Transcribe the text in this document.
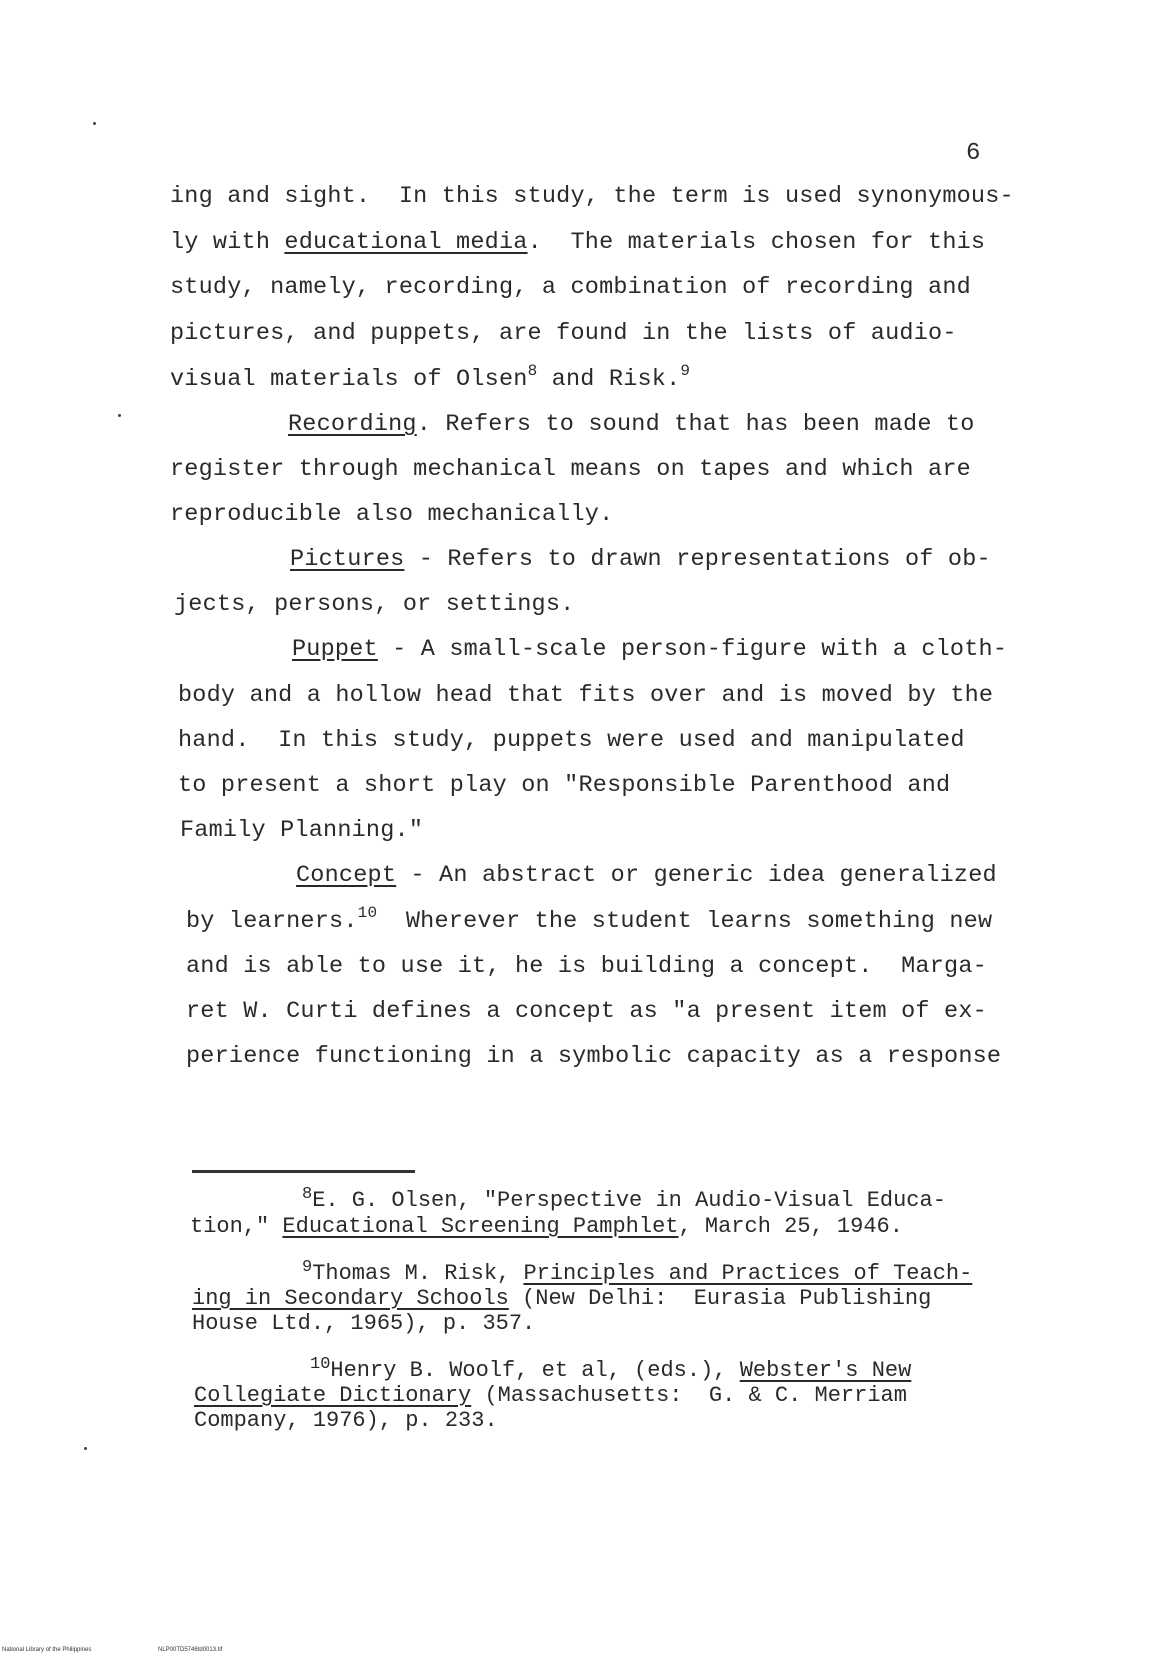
6
ing and sight.  In this study, the term is used synonymous-
ly with educational media.  The materials chosen for this
study, namely, recording, a combination of recording and
pictures, and puppets, are found in the lists of audio-
visual materials of Olsen$^8$ and Risk.$^9$
Recording. Refers to sound that has been made to
register through mechanical means on tapes and which are
reproducible also mechanically.
Pictures - Refers to drawn representations of ob-
jects, persons, or settings.
Puppet - A small-scale person-figure with a cloth-
body and a hollow head that fits over and is moved by the
hand.  In this study, puppets were used and manipulated
to present a short play on "Responsible Parenthood and
Family Planning."
Concept - An abstract or generic idea generalized
by learners.$^{10}$  Wherever the student learns something new
and is able to use it, he is building a concept.  Marga-
ret W. Curti defines a concept as "a present item of ex-
perience functioning in a symbolic capacity as a response
$^8$E. G. Olsen, "Perspective in Audio-Visual Educa-
tion," Educational Screening Pamphlet, March 25, 1946.
$^9$Thomas M. Risk, Principles and Practices of Teach-
ing in Secondary Schools (New Delhi:  Eurasia Publishing
House Ltd., 1965), p. 357.
$^{10}$Henry B. Woolf, et al, (eds.), Webster's New
Collegiate Dictionary (Massachusetts:  G. & C. Merriam
Company, 1976), p. 233.
National Library of the Philippines	NLP00TD5746td0013.tif
